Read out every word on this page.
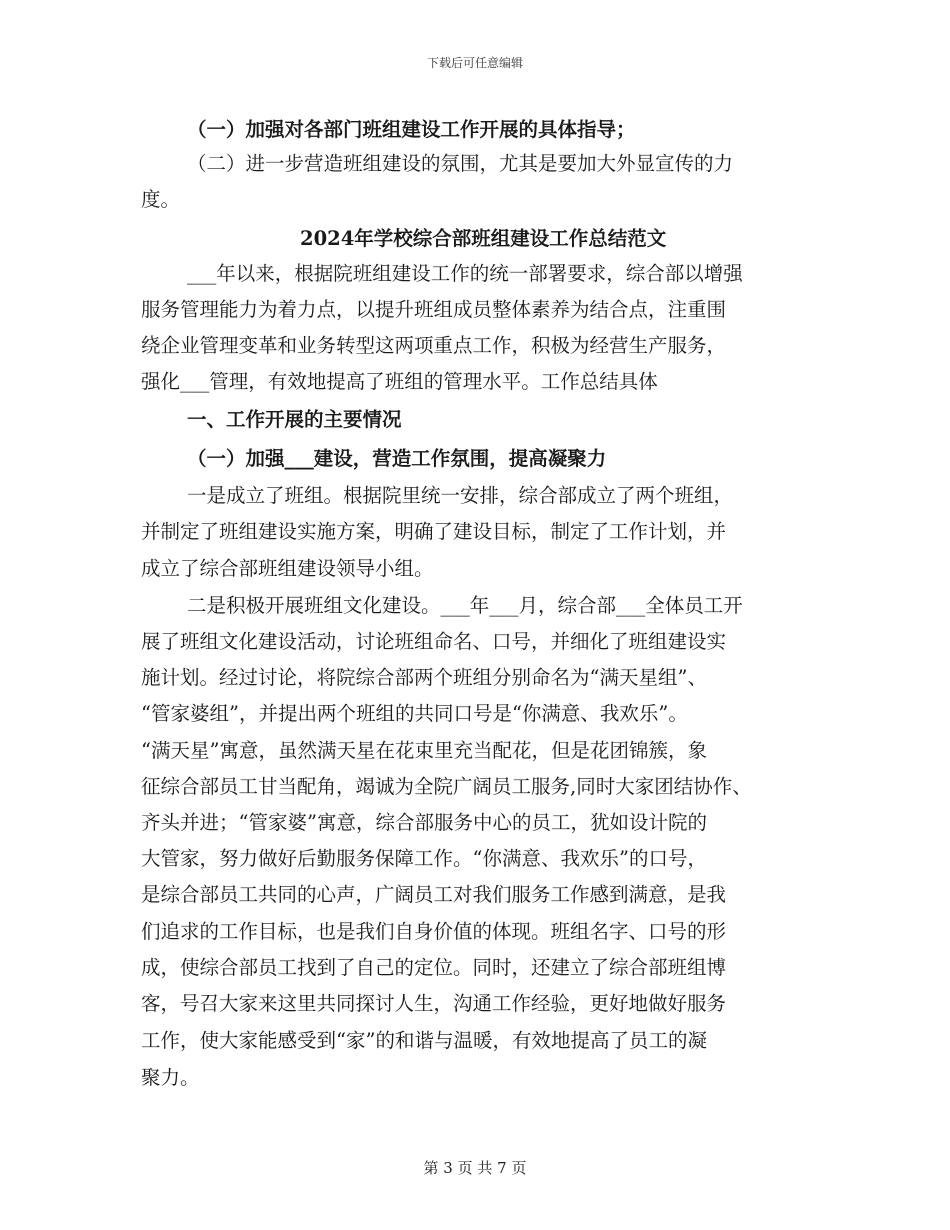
下载后可任意编辑
（一）加强对各部门班组建设工作开展的具体指导；
（二）进一步营造班组建设的氛围，尤其是要加大外显宣传的力
度。
2024年学校综合部班组建设工作总结范文
___年以来，根据院班组建设工作的统一部署要求，综合部以增强
服务管理能力为着力点，以提升班组成员整体素养为结合点，注重围
绕企业管理变革和业务转型这两项重点工作，积极为经营生产服务，
强化___管理，有效地提高了班组的管理水平。工作总结具体
一、工作开展的主要情况
（一）加强___建设，营造工作氛围，提高凝聚力
一是成立了班组。根据院里统一安排，综合部成立了两个班组，
并制定了班组建设实施方案，明确了建设目标，制定了工作计划，并
成立了综合部班组建设领导小组。
二是积极开展班组文化建设。___年___月，综合部___全体员工开
展了班组文化建设活动，讨论班组命名、口号，并细化了班组建设实
施计划。经过讨论，将院综合部两个班组分别命名为“满天星组”、
“管家婆组”，并提出两个班组的共同口号是“你满意、我欢乐”。
“满天星”寓意，虽然满天星在花束里充当配花，但是花团锦簇，象
征综合部员工甘当配角，竭诚为全院广阔员工服务,同时大家团结协作、
齐头并进；“管家婆”寓意，综合部服务中心的员工，犹如设计院的
大管家，努力做好后勤服务保障工作。“你满意、我欢乐”的口号，
是综合部员工共同的心声，广阔员工对我们服务工作感到满意，是我
们追求的工作目标，也是我们自身价值的体现。班组名字、口号的形
成，使综合部员工找到了自己的定位。同时，还建立了综合部班组博
客，号召大家来这里共同探讨人生，沟通工作经验，更好地做好服务
工作，使大家能感受到“家”的和谐与温暖，有效地提高了员工的凝
聚力。
第 3 页 共 7 页
